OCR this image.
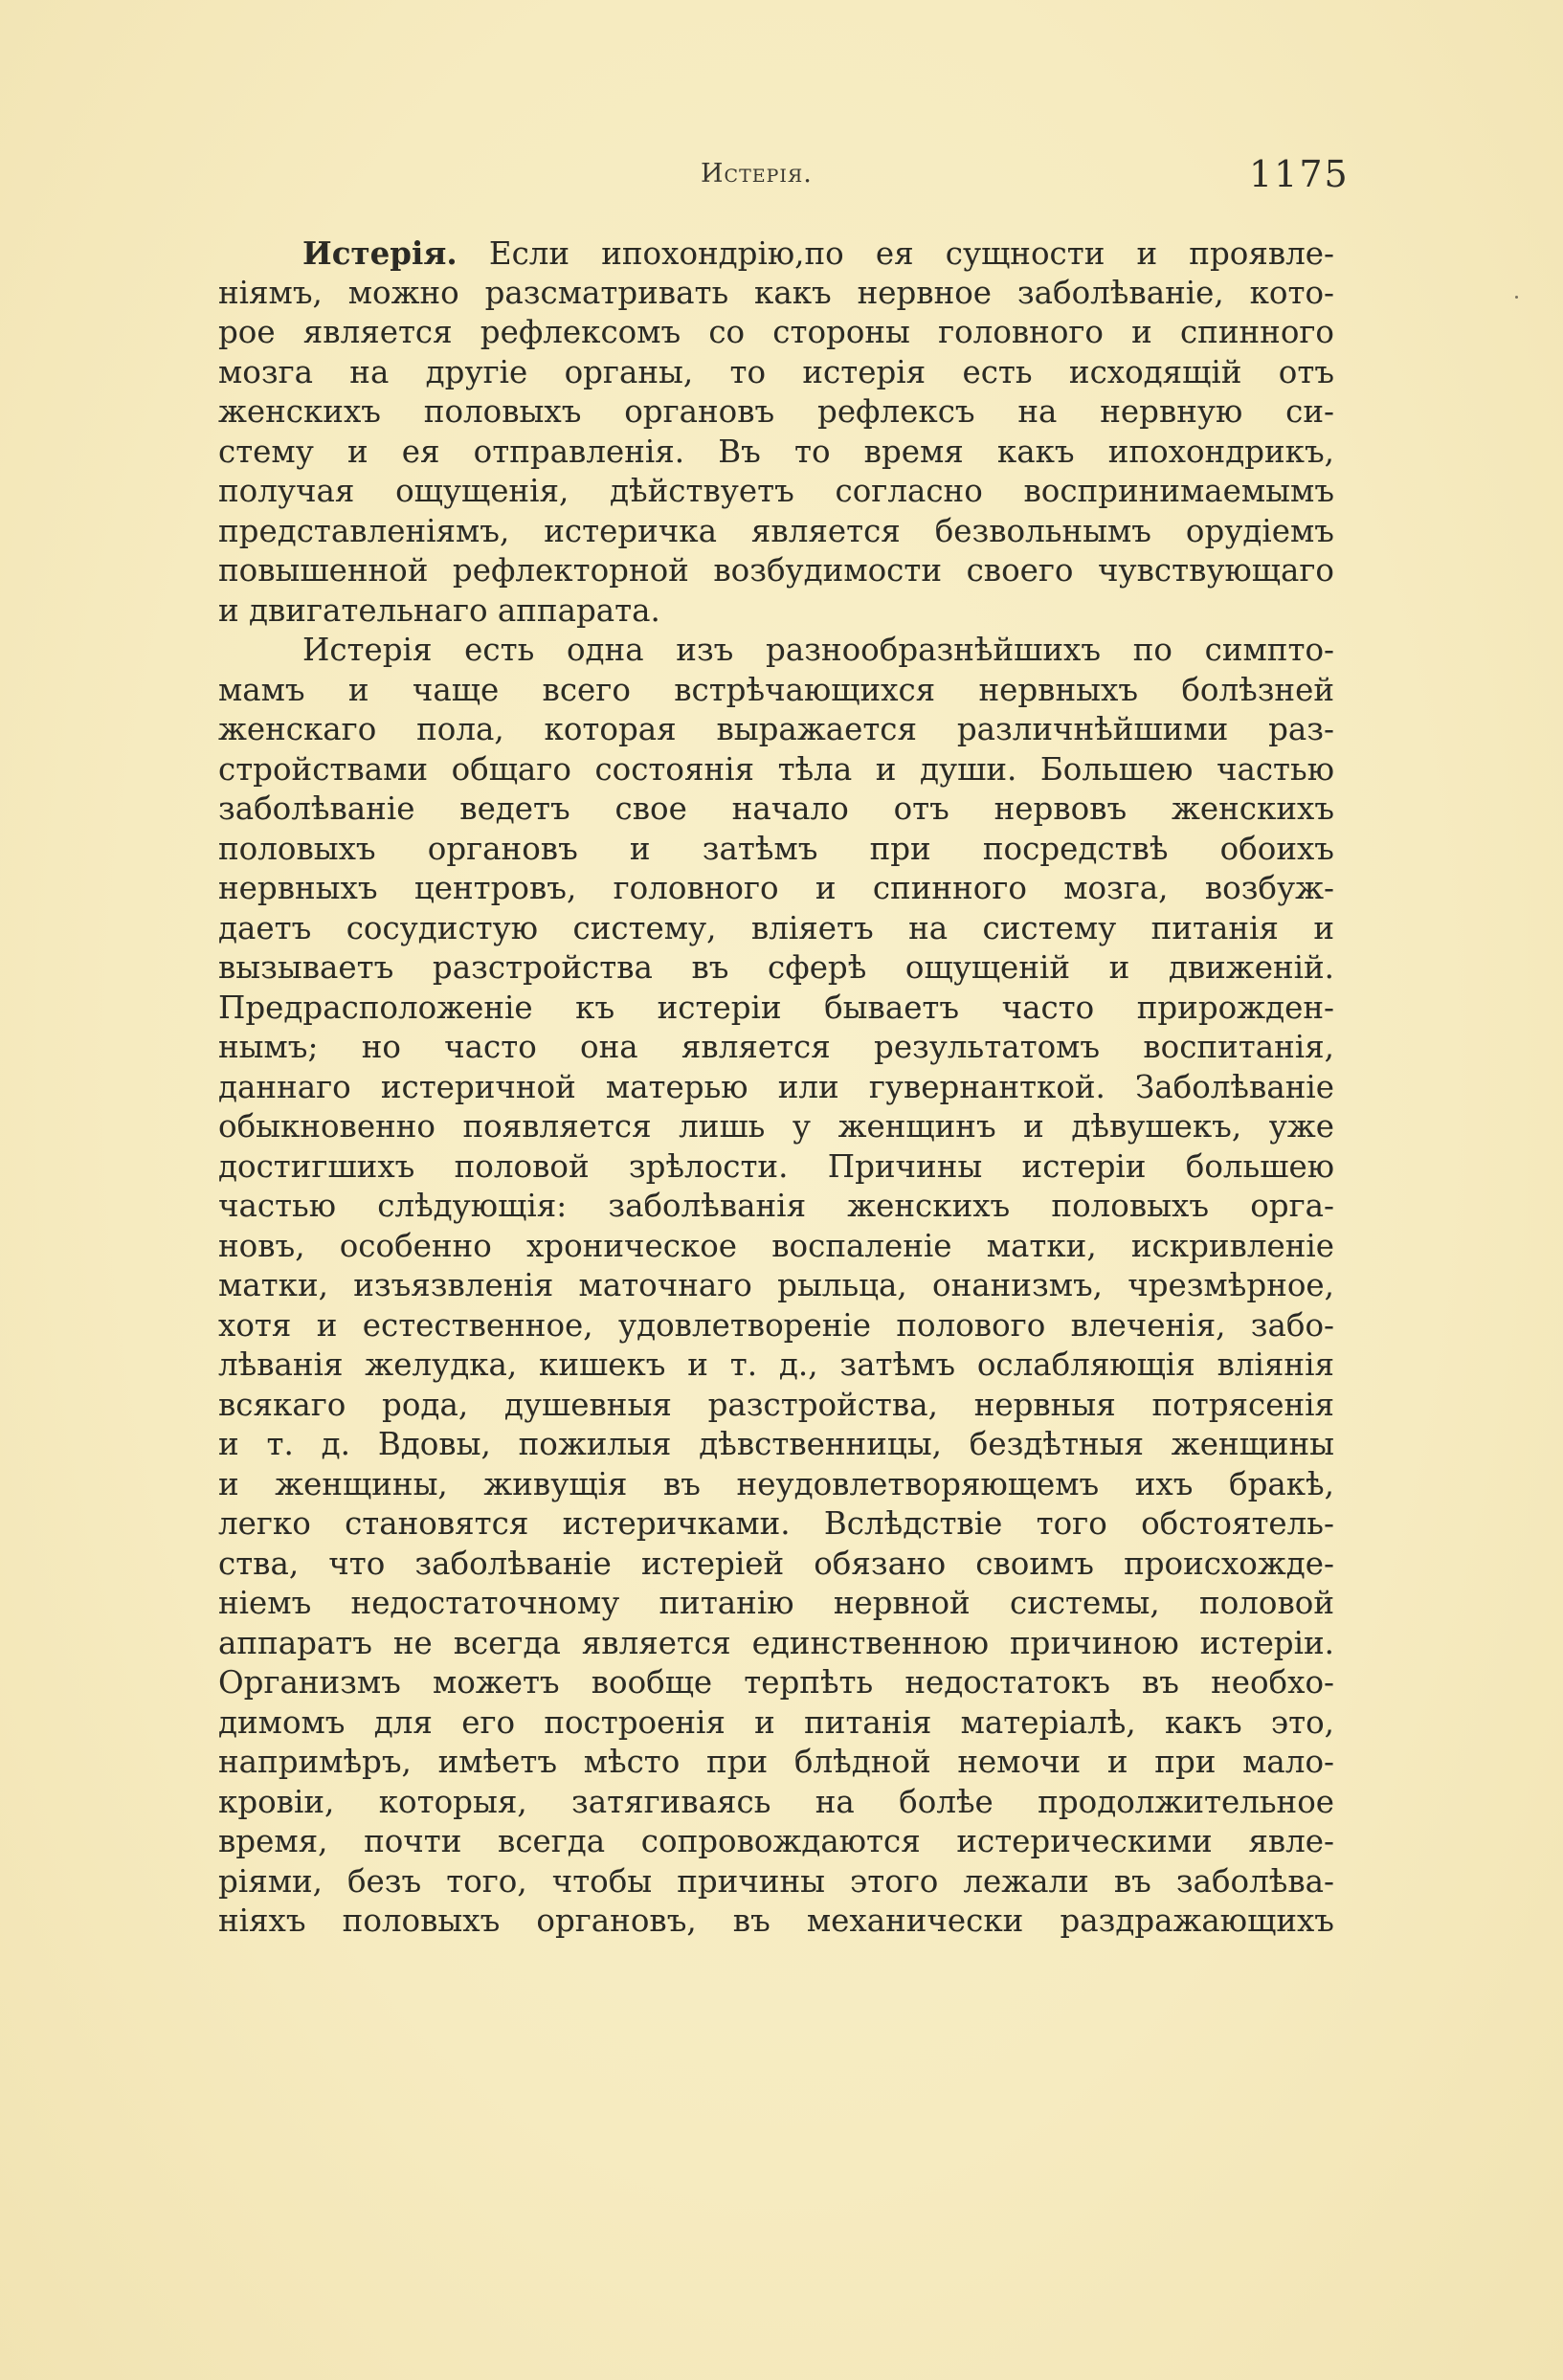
Истерія.	1175
Истерія. Если ипохондрію,по ея сущности и проявле-
ніямъ, можно разсматривать какъ нервное заболѣваніе, кото-
рое является рефлексомъ со стороны головного и спинного
мозга на другіе органы, то истерія есть исходящій отъ
женскихъ половыхъ органовъ рефлексъ на нервную си-
стему и ея отправленія. Въ то время какъ ипохондрикъ,
получая ощущенія, дѣйствуетъ согласно воспринимаемымъ
представленіямъ, истеричка является безвольнымъ орудіемъ
повышенной рефлекторной возбудимости своего чувствующаго
и двигательнаго аппарата.
Истерія есть одна изъ разнообразнѣйшихъ по симпто-
мамъ и чаще всего встрѣчающихся нервныхъ болѣзней
женскаго пола, которая выражается различнѣйшими раз-
стройствами общаго состоянія тѣла и души. Большею частью
заболѣваніе ведетъ свое начало отъ нервовъ женскихъ
половыхъ органовъ и затѣмъ при посредствѣ обоихъ
нервныхъ центровъ, головного и спинного мозга, возбуж-
даетъ сосудистую систему, вліяетъ на систему питанія и
вызываетъ разстройства въ сферѣ ощущеній и движеній.
Предрасположеніе къ истеріи бываетъ часто прирожден-
нымъ; но часто она является результатомъ воспитанія,
даннаго истеричной матерью или гувернанткой. Заболѣваніе
обыкновенно появляется лишь у женщинъ и дѣвушекъ, уже
достигшихъ половой зрѣлости. Причины истеріи большею
частью слѣдующія: заболѣванія женскихъ половыхъ орга-
новъ, особенно хроническое воспаленіе матки, искривленіе
матки, изъязвленія маточнаго рыльца, онанизмъ, чрезмѣрное,
хотя и естественное, удовлетвореніе полового влеченія, забо-
лѣванія желудка, кишекъ и т. д., затѣмъ ослабляющія вліянія
всякаго рода, душевныя разстройства, нервныя потрясенія
и т. д. Вдовы, пожилыя дѣвственницы, бездѣтныя женщины
и женщины, живущія въ неудовлетворяющемъ ихъ бракѣ,
легко становятся истеричками. Вслѣдствіе того обстоятель-
ства, что заболѣваніе истеріей обязано своимъ происхожде-
ніемъ недостаточному питанію нервной системы, половой
аппаратъ не всегда является единственною причиною истеріи.
Организмъ можетъ вообще терпѣть недостатокъ въ необхо-
димомъ для его построенія и питанія матеріалѣ, какъ это,
напримѣръ, имѣетъ мѣсто при блѣдной немочи и при мало-
кровіи, которыя, затягиваясь на болѣе продолжительное
время, почти всегда сопровождаются истерическими явле-
ріями, безъ того, чтобы причины этого лежали въ заболѣва-
ніяхъ половыхъ органовъ, въ механически раздражающихъ
